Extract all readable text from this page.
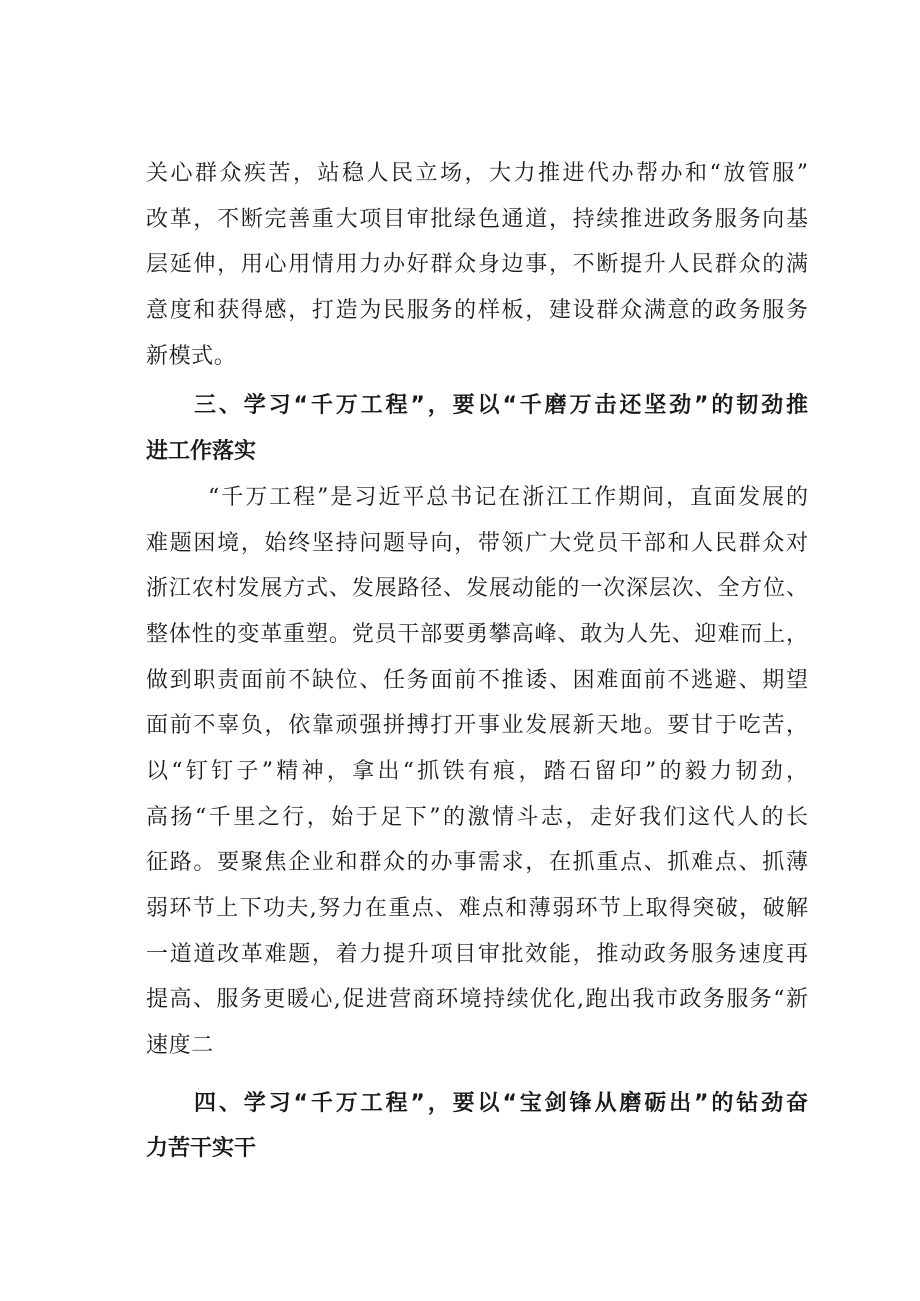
关心群众疾苦，站稳人民立场，大力推进代办帮办和“放管服”
改革，不断完善重大项目审批绿色通道，持续推进政务服务向基
层延伸，用心用情用力办好群众身边事，不断提升人民群众的满
意度和获得感，打造为民服务的样板，建设群众满意的政务服务
新模式。
三、学习“千万工程”，要以“千磨万击还坚劲”的韧劲推
进工作落实
“千万工程”是习近平总书记在浙江工作期间，直面发展的
难题困境，始终坚持问题导向，带领广大党员干部和人民群众对
浙江农村发展方式、发展路径、发展动能的一次深层次、全方位、
整体性的变革重塑。党员干部要勇攀高峰、敢为人先、迎难而上，
做到职责面前不缺位、任务面前不推诿、困难面前不逃避、期望
面前不辜负，依靠顽强拼搏打开事业发展新天地。要甘于吃苦，
以“钉钉子”精神，拿出“抓铁有痕，踏石留印”的毅力韧劲，
高扬“千里之行，始于足下”的激情斗志，走好我们这代人的长
征路。要聚焦企业和群众的办事需求，在抓重点、抓难点、抓薄
弱环节上下功夫,努力在重点、难点和薄弱环节上取得突破，破解
一道道改革难题，着力提升项目审批效能，推动政务服务速度再
提高、服务更暖心,促进营商环境持续优化,跑出我市政务服务“新
速度二
四、学习“千万工程”，要以“宝剑锋从磨砺出”的钻劲奋
力苦干实干
